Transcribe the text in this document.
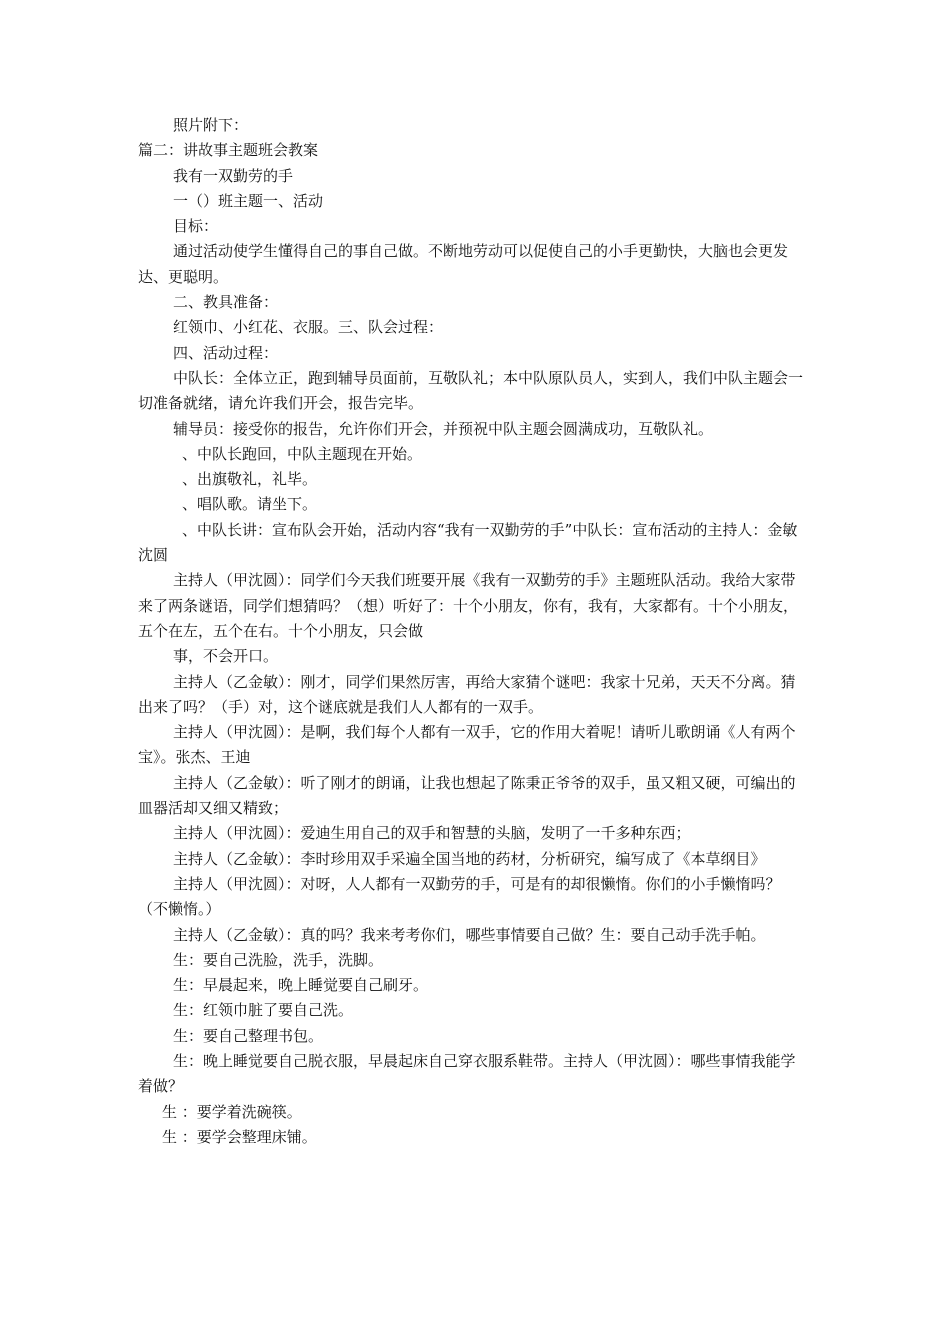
照片附下：

篇二：讲故事主题班会教案

我有一双勤劳的手

一（）班主题一、活动

目标：

通过活动使学生懂得自己的事自己做。不断地劳动可以促使自己的小手更勤快，大脑也会更发达、更聪明。

二、教具准备：

红领巾、小红花、衣服。三、队会过程：

四、活动过程：

中队长：全体立正，跑到辅导员面前，互敬队礼；本中队原队员人，实到人，我们中队主题会一切准备就绪，请允许我们开会，报告完毕。

辅导员：接受你的报告，允许你们开会，并预祝中队主题会圆满成功，互敬队礼。

、中队长跑回，中队主题现在开始。

、出旗敬礼，礼毕。

、唱队歌。请坐下。

、中队长讲：宣布队会开始，活动内容“我有一双勤劳的手”中队长：宣布活动的主持人：金敏沈圆

主持人（甲沈圆）：同学们今天我们班要开展《我有一双勤劳的手》主题班队活动。我给大家带来了两条谜语，同学们想猜吗？（想）听好了：十个小朋友，你有，我有，大家都有。十个小朋友，五个在左，五个在右。十个小朋友，只会做

事，不会开口。

主持人（乙金敏）：刚才，同学们果然厉害，再给大家猜个谜吧：我家十兄弟，天天不分离。猜出来了吗？（手）对，这个谜底就是我们人人都有的一双手。

主持人（甲沈圆）：是啊，我们每个人都有一双手，它的作用大着呢！请听儿歌朗诵《人有两个宝》。张杰、王迪

主持人（乙金敏）：听了刚才的朗诵，让我也想起了陈秉正爷爷的双手，虽又粗又硬，可编出的皿器活却又细又精致；

主持人（甲沈圆）：爱迪生用自己的双手和智慧的头脑，发明了一千多种东西；

主持人（乙金敏）：李时珍用双手采遍全国当地的药材，分析研究，编写成了《本草纲目》

主持人（甲沈圆）：对呀，人人都有一双勤劳的手，可是有的却很懒惰。你们的小手懒惰吗？（不懒惰。）

主持人（乙金敏）：真的吗？我来考考你们，哪些事情要自己做？生：要自己动手洗手帕。

生：要自己洗脸，洗手，洗脚。

生：早晨起来，晚上睡觉要自己刷牙。

生：红领巾脏了要自己洗。

生：要自己整理书包。

生：晚上睡觉要自己脱衣服，早晨起床自己穿衣服系鞋带。主持人（甲沈圆）：哪些事情我能学着做？

生 ：要学着洗碗筷。

生 ：要学会整理床铺。
